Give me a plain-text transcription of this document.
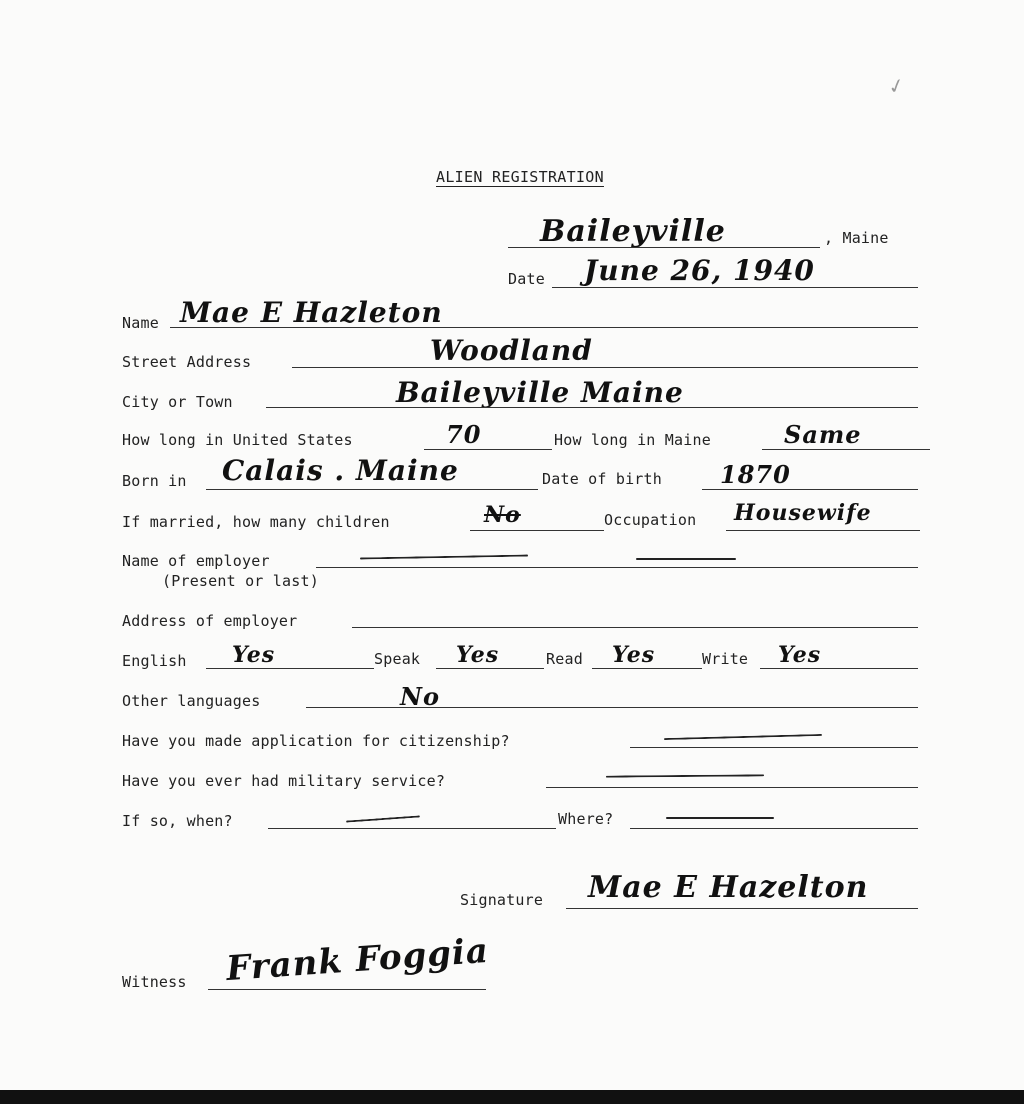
✓
ALIEN REGISTRATION
Baileyville	, Maine
Date June 26, 1940
Name Mae E Hazleton
Street Address	Woodland
City or Town	Baileyville Maine
How long in United States	70	How long in Maine	Same
Born in Calais . Maine	Date of birth 1870
If married, how many children	No	Occupation Housewife
Name of employer
(Present or last)
Address of employer
English Yes	Speak Yes	Read Yes	Write Yes
Other languages	No
Have you made application for citizenship?
Have you ever had military service?
If so, when?	Where?
Signature Mae E Hazelton
Witness Frank Foggia
